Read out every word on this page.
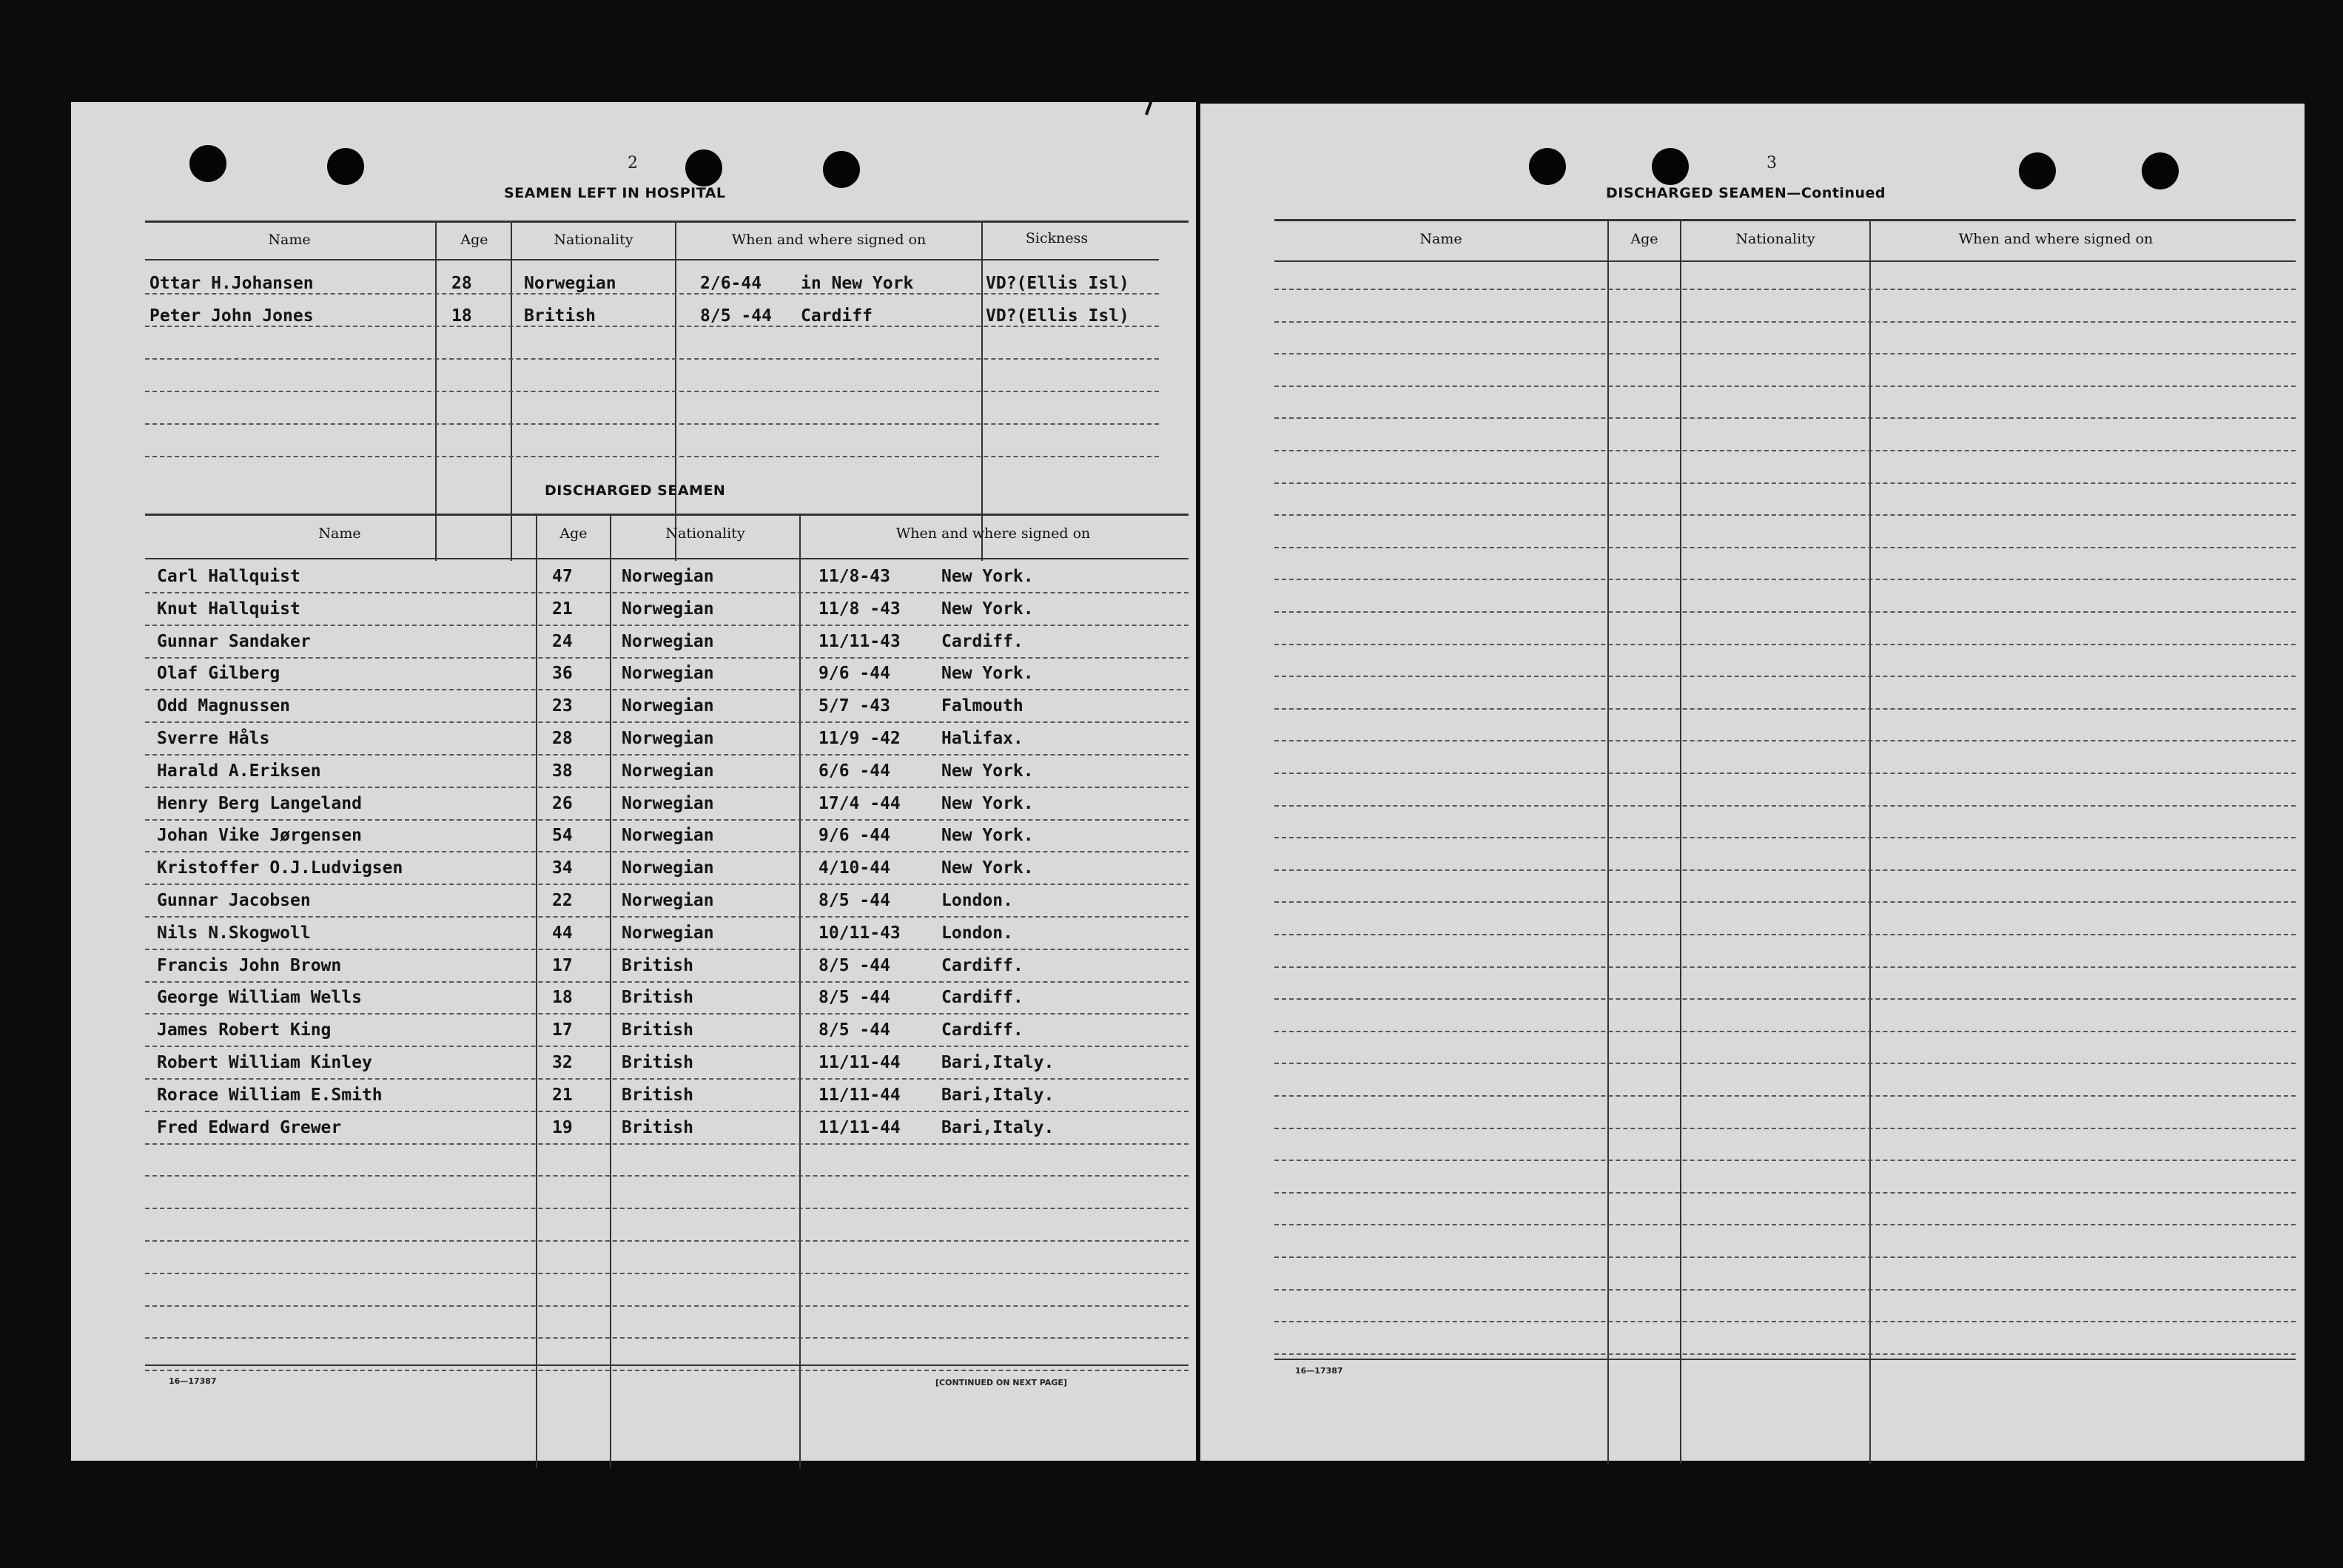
2
SEAMEN LEFT IN HOSPITAL
Name	Age	Nationality	When and where signed on	Sickness
Ottar H.Johansen	28	Norwegian	2/6-44 in New York	VD?(Ellis Isl)
Peter John Jones	18	British	8/5 -44 Cardiff	VD?(Ellis Isl)
DISCHARGED SEAMEN
Name	Age	Nationality	When and where signed on
Carl Hallquist	47	Norwegian	11/8-43	New York.
Knut Hallquist	21	Norwegian	11/8 -43 New York.
Gunnar Sandaker	24	Norwegian	11/11-43 Cardiff.
Olaf Gilberg	36	Norwegian	9/6 -44	New York.
Odd Magnussen	23	Norwegian	5/7 -43	Falmouth
Sverre Håls	28	Norwegian	11/9 -42 Halifax.
Harald A.Eriksen	38	Norwegian	6/6 -44	New York.
Henry Berg Langeland	26	Norwegian	17/4 -44 New York.
Johan Vike Jørgensen	54	Norwegian	9/6 -44	New York.
Kristoffer O.J.Ludvigsen	34	Norwegian	4/10-44	New York.
Gunnar Jacobsen	22	Norwegian	8/5 -44	London.
Nils N.Skogwoll	44	Norwegian	10/11-43 London.
Francis John Brown	17	British	8/5 -44	Cardiff.
George William Wells	18	British	8/5 -44	Cardiff.
James Robert King	17	British	8/5 -44	Cardiff.
Robert William Kinley	32	British	11/11-44 Bari,Italy.
Rorace William E.Smith	21	British	11/11-44 Bari,Italy.
Fred Edward Grewer	19	British	11/11-44 Bari,Italy.
16—17387	[CONTINUED ON NEXT PAGE]
3
DISCHARGED SEAMEN—Continued
Name	Age	Nationality	When and where signed on
16—17387
